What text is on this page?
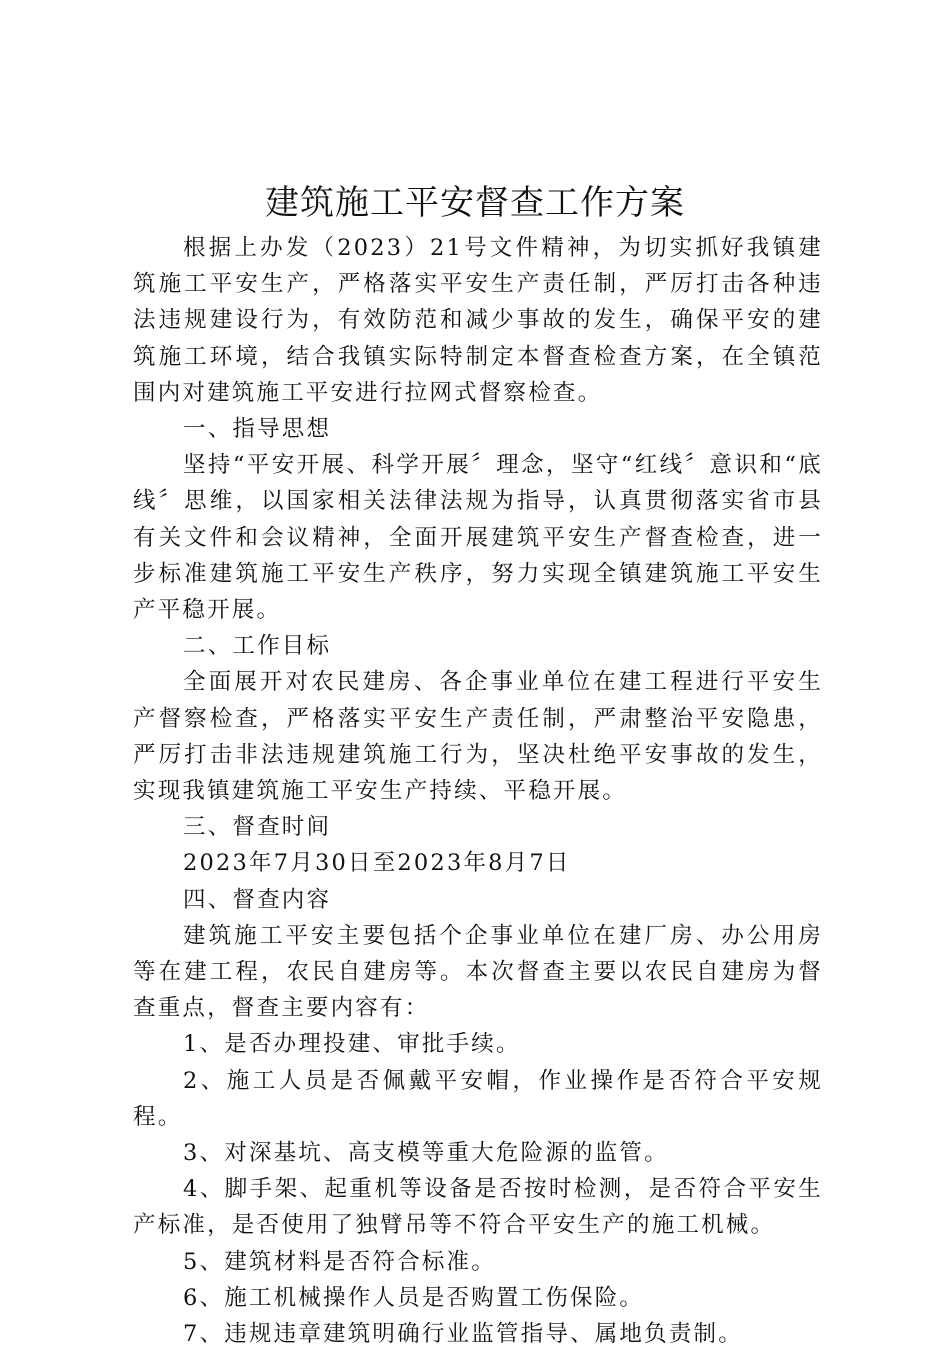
建筑施工平安督查工作方案

根据上办发（2023）21号文件精神，为切实抓好我镇建筑施工平安生产，严格落实平安生产责任制，严厉打击各种违法违规建设行为，有效防范和减少事故的发生，确保平安的建筑施工环境，结合我镇实际特制定本督查检查方案，在全镇范围内对建筑施工平安进行拉网式督察检查。

一、指导思想

坚持“平安开展、科学开展〞理念，坚守“红线〞意识和“底线〞思维，以国家相关法律法规为指导，认真贯彻落实省市县有关文件和会议精神，全面开展建筑平安生产督查检查，进一步标准建筑施工平安生产秩序，努力实现全镇建筑施工平安生产平稳开展。

二、工作目标

全面展开对农民建房、各企事业单位在建工程进行平安生产督察检查，严格落实平安生产责任制，严肃整治平安隐患，严厉打击非法违规建筑施工行为，坚决杜绝平安事故的发生，实现我镇建筑施工平安生产持续、平稳开展。

三、督查时间

2023年7月30日至2023年8月7日

四、督查内容

建筑施工平安主要包括个企事业单位在建厂房、办公用房等在建工程，农民自建房等。本次督查主要以农民自建房为督查重点，督查主要内容有：

1、是否办理投建、审批手续。

2、施工人员是否佩戴平安帽，作业操作是否符合平安规程。

3、对深基坑、高支模等重大危险源的监管。

4、脚手架、起重机等设备是否按时检测，是否符合平安生产标准，是否使用了独臂吊等不符合平安生产的施工机械。

5、建筑材料是否符合标准。

6、施工机械操作人员是否购置工伤保险。

7、违规违章建筑明确行业监管指导、属地负责制。
